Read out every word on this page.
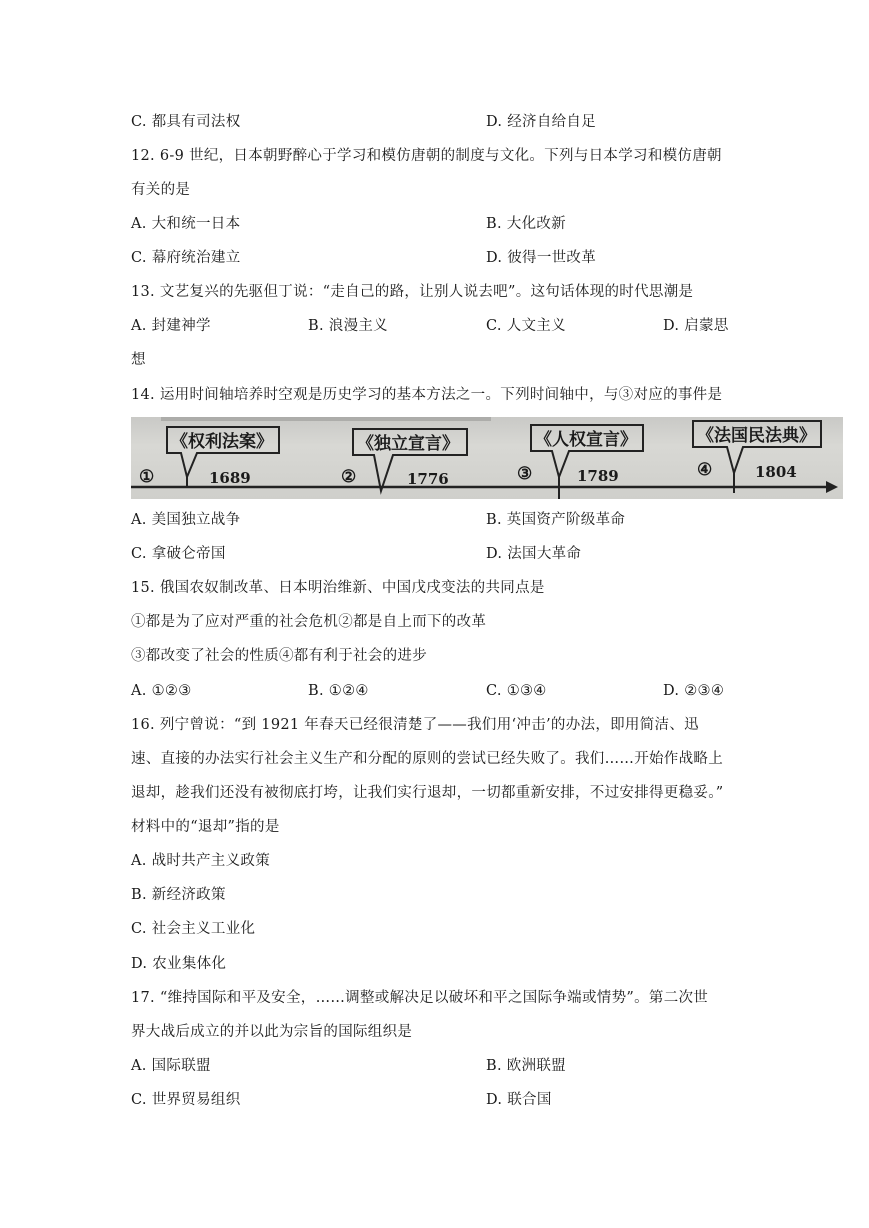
C. 都具有司法权	D. 经济自给自足
12. 6-9 世纪，日本朝野醉心于学习和模仿唐朝的制度与文化。下列与日本学习和模仿唐朝
有关的是
A. 大和统一日本	B. 大化改新
C. 幕府统治建立	D. 彼得一世改革
13. 文艺复兴的先驱但丁说：“走自己的路，让别人说去吧”。这句话体现的时代思潮是
A. 封建神学	B. 浪漫主义	C. 人文主义	D. 启蒙思
想
14. 运用时间轴培养时空观是历史学习的基本方法之一。下列时间轴中，与③对应的事件是
《权利法案》
①	1689
《独立宣言》
②	1776
《人权宣言》
③	1789
《法国民法典》
④	1804
A. 美国独立战争	B. 英国资产阶级革命
C. 拿破仑帝国	D. 法国大革命
15. 俄国农奴制改革、日本明治维新、中国戊戌变法的共同点是
①都是为了应对严重的社会危机②都是自上而下的改革
③都改变了社会的性质④都有利于社会的进步
A. ①②③	B. ①②④	C. ①③④	D. ②③④
16. 列宁曾说：“到 1921 年春天已经很清楚了——我们用‘冲击’的办法，即用简洁、迅
速、直接的办法实行社会主义生产和分配的原则的尝试已经失败了。我们……开始作战略上
退却，趁我们还没有被彻底打垮，让我们实行退却，一切都重新安排，不过安排得更稳妥。”
材料中的“退却”指的是
A. 战时共产主义政策
B. 新经济政策
C. 社会主义工业化
D. 农业集体化
17. “维持国际和平及安全，……调整或解决足以破坏和平之国际争端或情势”。第二次世
界大战后成立的并以此为宗旨的国际组织是
A. 国际联盟	B. 欧洲联盟
C. 世界贸易组织	D. 联合国
